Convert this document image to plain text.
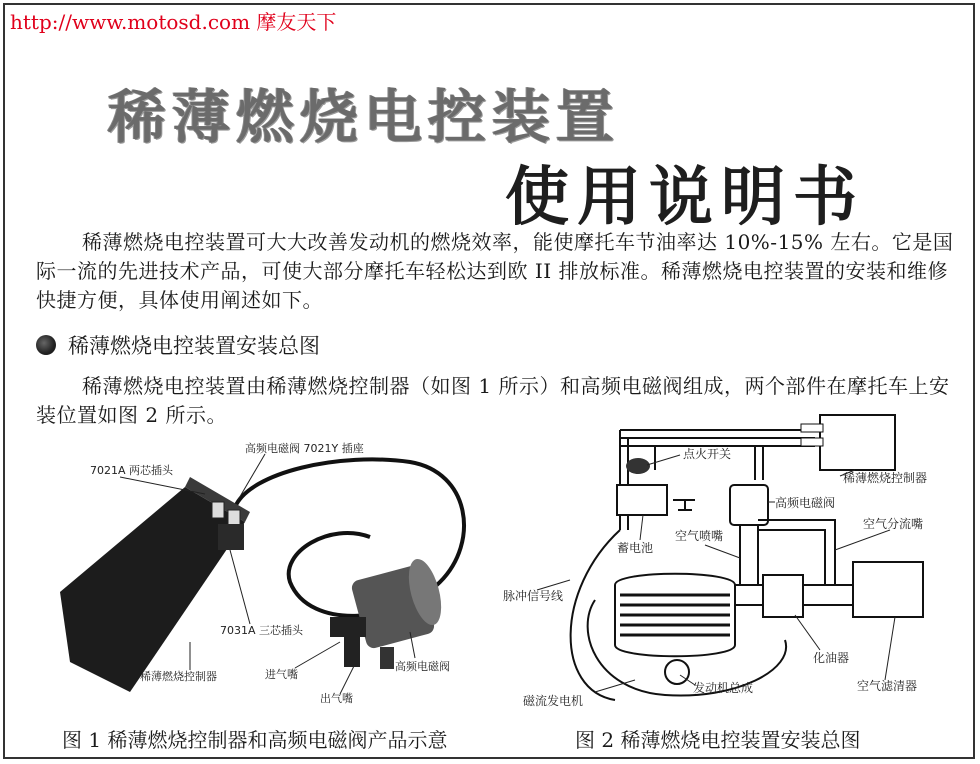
http://www.motosd.com 摩友天下
稀薄燃烧电控装置
使用说明书
稀薄燃烧电控装置可大大改善发动机的燃烧效率，能使摩托车节油率达 10%-15% 左右。它是国际一流的先进技术产品，可使大部分摩托车轻松达到欧 II 排放标准。稀薄燃烧电控装置的安装和维修快捷方便，具体使用阐述如下。
稀薄燃烧电控装置安装总图
稀薄燃烧电控装置由稀薄燃烧控制器（如图 1 所示）和高频电磁阀组成，两个部件在摩托车上安装位置如图 2 所示。
7021A 两芯插头
高频电磁阀 7021Y 插座
7031A 三芯插头
稀薄燃烧控制器	进气嘴
出气嘴
高频电磁阀
点火开关
稀薄燃烧控制器
高频电磁阀
空气喷嘴
空气分流嘴
蓄电池
脉冲信号线
化油器
磁流发电机
发动机总成	空气滤清器
图 1 稀薄燃烧控制器和高频电磁阀产品示意	图 2 稀薄燃烧电控装置安装总图
